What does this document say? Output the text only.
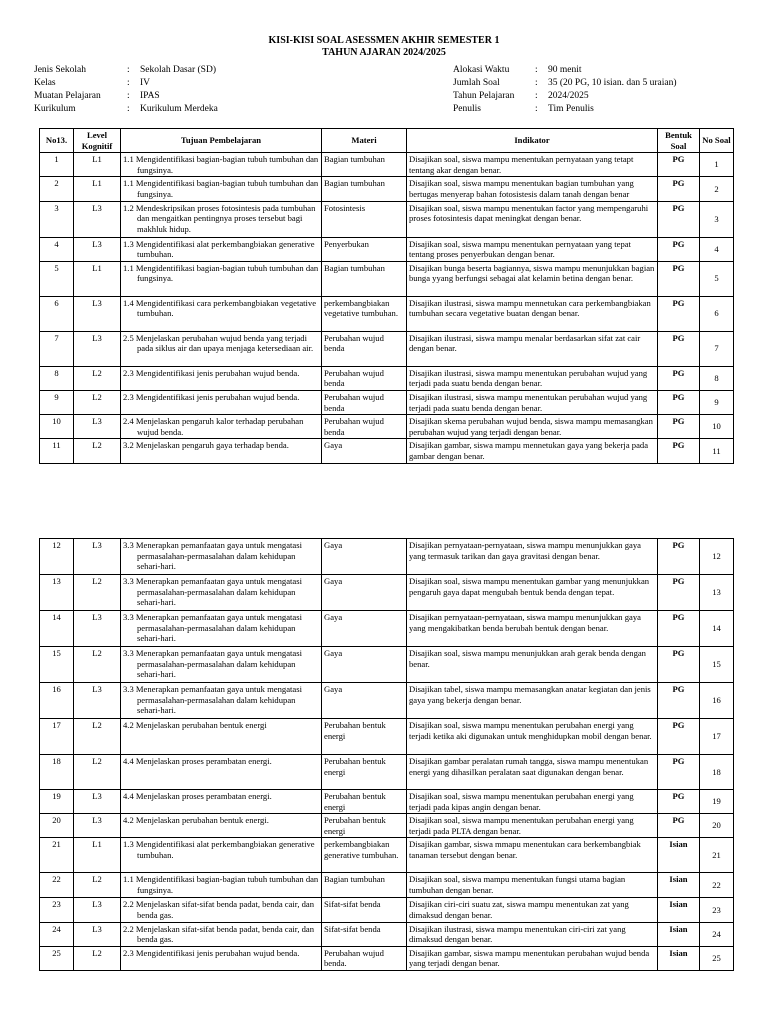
KISI-KISI SOAL ASESSMEN AKHIR SEMESTER 1
TAHUN AJARAN 2024/2025
Jenis Sekolah	:	Sekolah Dasar (SD)
Kelas	:	IV
Muatan Pelajaran	:	IPAS
Kurikulum	:	Kurikulum Merdeka
Alokasi Waktu	:	90 menit
Jumlah Soal	:	35 (20 PG, 10 isian. dan 5 uraian)
Tahun Pelajaran	:	2024/2025
Penulis	:	Tim Penulis
No13.	Level Kognitif	Tujuan Pembelajaran	Materi	Indikator	Bentuk Soal	No Soal
1	L1	1.1 Mengidentifikasi bagian-bagian tubuh tumbuhan dan fungsinya.	Bagian tumbuhan	Disajikan soal, siswa mampu menentukan pernyataan yang tetapt tentang akar dengan benar.	PG	1
2	L1	1.1 Mengidentifikasi bagian-bagian tubuh tumbuhan dan fungsinya.	Bagian tumbuhan	Disajikan soal, siswa mampu menentukan bagian tumbuhan yang bertugas menyerap bahan fotosistesis dalam tanah dengan benar	PG	2
3	L3	1.2 Mendeskripsikan proses fotosintesis pada tumbuhan dan mengaitkan pentingnya proses tersebut bagi makhluk hidup.	Fotosintesis	Disajikan soal, siswa mampu menentukan factor yang mempengaruhi proses fotosintesis dapat meningkat dengan benar.	PG	3
4	L3	1.3 Mengidentifikasi alat perkembangbiakan generative tumbuhan.	Penyerbukan	Disajikan soal, siswa mampu menentukan pernyataan yang tepat tentang proses penyerbukan dengan benar.	PG	4
5	L1	1.1 Mengidentifikasi bagian-bagian tubuh tumbuhan dan fungsinya.	Bagian tumbuhan	Disajikan bunga beserta bagiannya, siswa mampu menunjukkan bagian bunga yyang berfungsi sebagai alat kelamin betina dengan benar.	PG	5
6	L3	1.4 Mengidentifikasi cara perkembangbiakan vegetative tumbuhan.	perkembangbiakan vegetative tumbuhan.	Disajikan ilustrasi, siswa mampu mennetukan cara perkembangbiakan tumbuhan secara vegetative buatan dengan benar.	PG	6
7	L3	2.5 Menjelaskan perubahan wujud benda yang terjadi pada siklus air dan upaya menjaga ketersediaan air.	Perubahan wujud benda	Disajikan ilustrasi, siswa mampu menalar berdasarkan sifat zat cair dengan benar.	PG	7
8	L2	2.3 Mengidentifikasi jenis perubahan wujud benda.	Perubahan wujud benda	Disajikan ilustrasi, siswa mampu menentukan perubahan wujud yang terjadi pada suatu benda dengan benar.	PG	8
9	L2	2.3 Mengidentifikasi jenis perubahan wujud benda.	Perubahan wujud benda	Disajikan ilustrasi, siswa mampu menentukan perubahan wujud yang terjadi pada suatu benda dengan benar.	PG	9
10	L3	2.4 Menjelaskan pengaruh kalor terhadap perubahan wujud benda.	Perubahan wujud benda	Disajikan skema perubahan wujud benda, siswa mampu memasangkan perubahan wujud yang terjadi dengan benar.	PG	10
11	L2	3.2 Menjelaskan pengaruh gaya terhadap benda.	Gaya	Disajikan gambar, siswa mampu mennetukan gaya yang bekerja pada gambar dengan benar.	PG	11
12	L3	3.3 Menerapkan pemanfaatan gaya untuk mengatasi permasalahan-permasalahan dalam kehidupan sehari-hari.	Gaya	Disajikan pernyataan-pernyataan, siswa mampu menunjukkan gaya yang termasuk tarikan dan gaya gravitasi dengan benar.	PG	12
13	L2	3.3 Menerapkan pemanfaatan gaya untuk mengatasi permasalahan-permasalahan dalam kehidupan sehari-hari.	Gaya	Disajikan soal, siswa mampu menentukan gambar yang menunjukkan pengaruh gaya dapat mengubah bentuk benda dengan tepat.	PG	13
14	L3	3.3 Menerapkan pemanfaatan gaya untuk mengatasi permasalahan-permasalahan dalam kehidupan sehari-hari.	Gaya	Disajikan pernyataan-pernyataan, siswa mampu menunjukkan gaya yang mengakibatkan benda berubah bentuk dengan benar.	PG	14
15	L2	3.3 Menerapkan pemanfaatan gaya untuk mengatasi permasalahan-permasalahan dalam kehidupan sehari-hari.	Gaya	Disajikan soal, siswa mampu menunjukkan arah gerak benda dengan benar.	PG	15
16	L3	3.3 Menerapkan pemanfaatan gaya untuk mengatasi permasalahan-permasalahan dalam kehidupan sehari-hari.	Gaya	Disajikan tabel, siswa mampu memasangkan anatar kegiatan dan jenis gaya yang bekerja dengan benar.	PG	16
17	L2	4.2 Menjelaskan perubahan bentuk energi	Perubahan bentuk energi	Disajikan soal, siswa mampu menentukan perubahan energi yang terjadi ketika aki digunakan untuk menghidupkan mobil dengan benar.	PG	17
18	L2	4.4 Menjelaskan proses perambatan energi.	Perubahan bentuk energi	Disajikan gambar peralatan rumah tangga, siswa mampu menentukan energi yang dihasilkan peralatan saat digunakan dengan benar.	PG	18
19	L3	4.4 Menjelaskan proses perambatan energi.	Perubahan bentuk energi	Disajikan soal, siswa mampu menentukan perubahan energi yang terjadi pada kipas angin dengan benar.	PG	19
20	L3	4.2 Menjelaskan perubahan bentuk energi.	Perubahan bentuk energi	Disajikan soal, siswa mampu menentukan perubahan energi yang terjadi pada PLTA dengan benar.	PG	20
21	L1	1.3 Mengidentifikasi alat perkembangbiakan generative tumbuhan.	perkembangbiakan generative tumbuhan.	Disajikan gambar, siswa mmapu menentukan cara berkembangbiak tanaman tersebut dengan benar.	Isian	21
22	L2	1.1 Mengidentifikasi bagian-bagian tubuh tumbuhan dan fungsinya.	Bagian tumbuhan	Disajikan soal, siswa mampu menentukan fungsi utama bagian tumbuhan dengan benar.	Isian	22
23	L3	2.2 Menjelaskan sifat-sifat benda padat, benda cair, dan benda gas.	Sifat-sifat benda	Disajikan ciri-ciri suatu zat, siswa mampu menentukan zat yang dimaksud dengan benar.	Isian	23
24	L3	2.2 Menjelaskan sifat-sifat benda padat, benda cair, dan benda gas.	Sifat-sifat benda	Disajikan ilustrasi, siswa mampu menentukan ciri-ciri zat yang dimaksud dengan benar.	Isian	24
25	L2	2.3 Mengidentifikasi jenis perubahan wujud benda.	Perubahan wujud benda.	Disajikan gambar, siswa mampu menentukan perubahan wujud benda yang terjadi dengan benar.	Isian	25
